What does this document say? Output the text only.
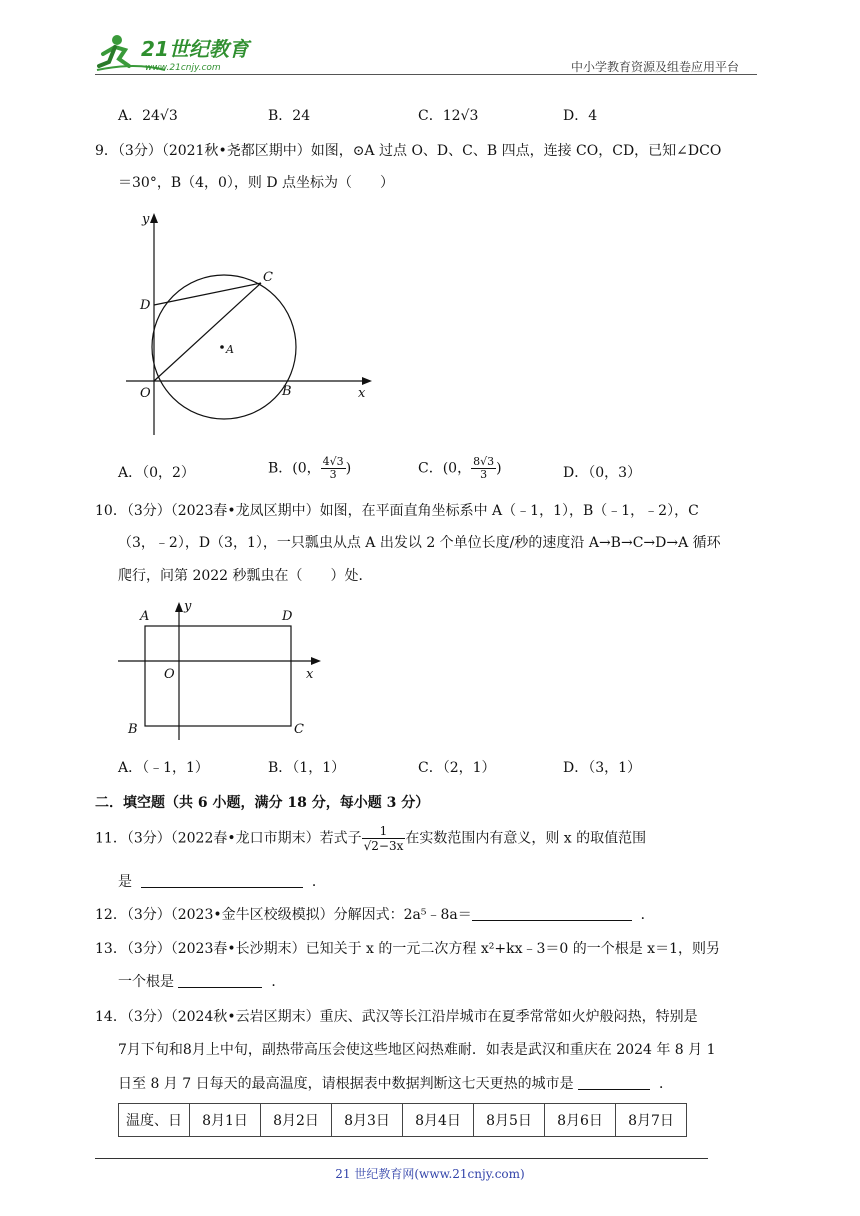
21世纪教育
www.21cnjy.com	中小学教育资源及组卷应用平台
A．24√3	B．24	C．12√3	D．4
9．（3分）（2021秋•尧都区期中）如图，⊙A 过点 O、D、C、B 四点，连接 CO，CD，已知∠DCO
＝30°，B（4，0），则 D 点坐标为（　　）
y
x
O	B
C
D
A
A．（0，2）	B．(0， $\frac{4√3}{3}$ )	C．(0， $\frac{8√3}{3}$ )	D．（0，3）
10．（3分）（2023春•龙凤区期中）如图，在平面直角坐标系中 A（﹣1，1），B（﹣1，﹣2），C
（3，﹣2），D（3，1），一只瓢虫从点 A 出发以 2 个单位长度/秒的速度沿 A→B→C→D→A 循环
爬行，问第 2022 秒瓢虫在（　　）处．
A	D
y
O	x
B	C
A．（﹣1，1）	B．（1，1）	C．（2，1）	D．（3，1）
二．填空题（共 6 小题，满分 18 分，每小题 3 分）
11．（3分）（2022春•龙口市期末）若式子 $\frac{1}{√2-3x}$ 在实数范围内有意义，则 x 的取值范围
是	．
12．（3分）（2023•金牛区校级模拟）分解因式：2a⁵﹣8a＝	．
13．（3分）（2023春•长沙期末）已知关于 x 的一元二次方程 x²+kx﹣3＝0 的一个根是 x＝1，则另
一个根是	．
14．（3分）（2024秋•云岩区期末）重庆、武汉等长江沿岸城市在夏季常常如火炉般闷热，特别是
7月下旬和8月上中旬，副热带高压会使这些地区闷热难耐．如表是武汉和重庆在 2024 年 8 月 1
日至 8 月 7 日每天的最高温度，请根据表中数据判断这七天更热的城市是	．
温度、日	8月1日	8月2日	8月3日	8月4日	8月5日	8月6日	8月7日
21 世纪教育网(www.21cnjy.com)
